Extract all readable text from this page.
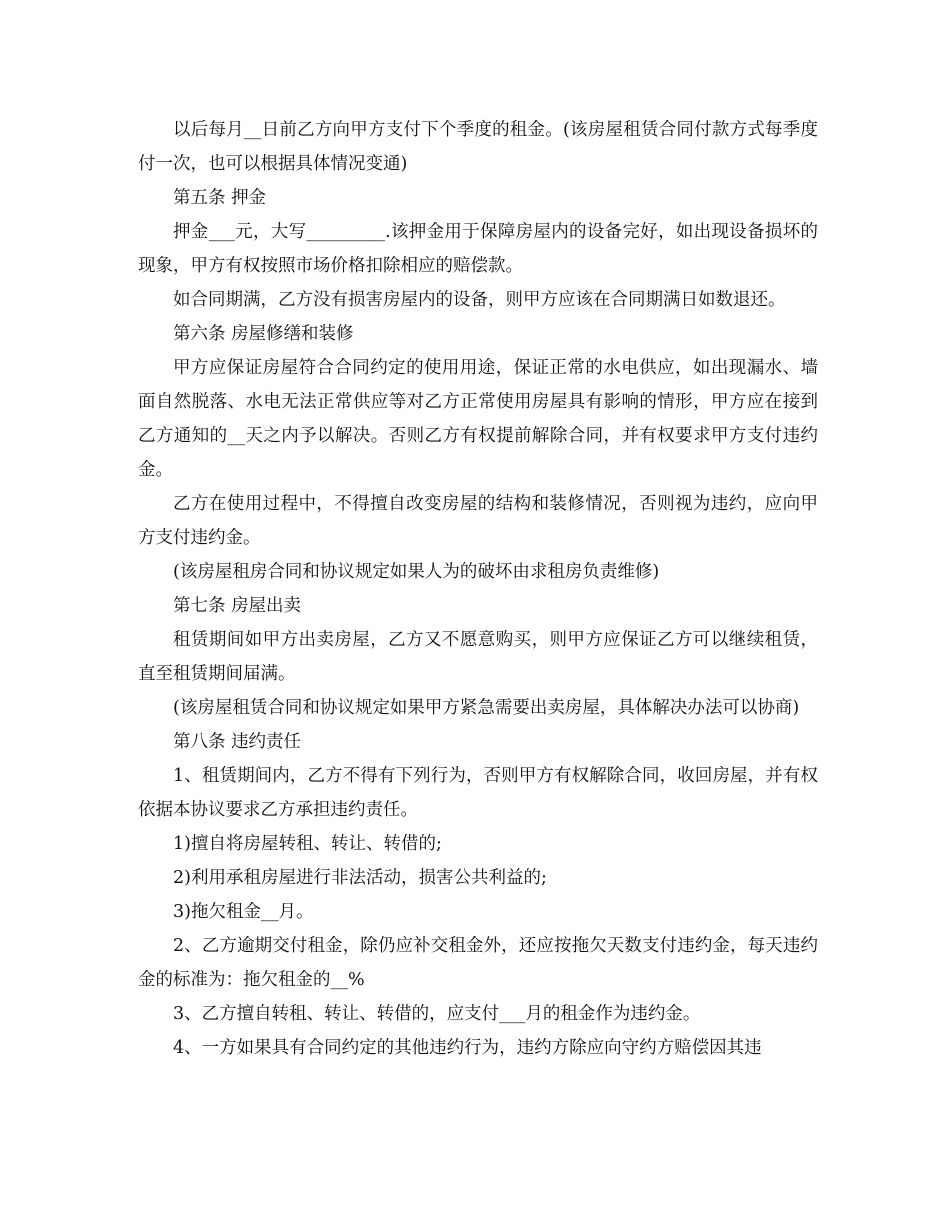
以后每月__日前乙方向甲方支付下个季度的租金。(该房屋租赁合同付款方式每季度付一次，也可以根据具体情况变通)

第五条 押金

押金___元，大写_________.该押金用于保障房屋内的设备完好，如出现设备损坏的现象，甲方有权按照市场价格扣除相应的赔偿款。

如合同期满，乙方没有损害房屋内的设备，则甲方应该在合同期满日如数退还。

第六条 房屋修缮和装修

甲方应保证房屋符合合同约定的使用用途，保证正常的水电供应，如出现漏水、墙面自然脱落、水电无法正常供应等对乙方正常使用房屋具有影响的情形，甲方应在接到乙方通知的__天之内予以解决。否则乙方有权提前解除合同，并有权要求甲方支付违约金。

乙方在使用过程中，不得擅自改变房屋的结构和装修情况，否则视为违约，应向甲方支付违约金。

(该房屋租房合同和协议规定如果人为的破坏由求租房负责维修)

第七条 房屋出卖

租赁期间如甲方出卖房屋，乙方又不愿意购买，则甲方应保证乙方可以继续租赁，直至租赁期间届满。

(该房屋租赁合同和协议规定如果甲方紧急需要出卖房屋，具体解决办法可以协商)

第八条 违约责任

1、租赁期间内，乙方不得有下列行为，否则甲方有权解除合同，收回房屋，并有权依据本协议要求乙方承担违约责任。

1)擅自将房屋转租、转让、转借的;

2)利用承租房屋进行非法活动，损害公共利益的;

3)拖欠租金__月。

2、乙方逾期交付租金，除仍应补交租金外，还应按拖欠天数支付违约金，每天违约金的标准为：拖欠租金的__%

3、乙方擅自转租、转让、转借的，应支付___月的租金作为违约金。

4、一方如果具有合同约定的其他违约行为，违约方除应向守约方赔偿因其违
